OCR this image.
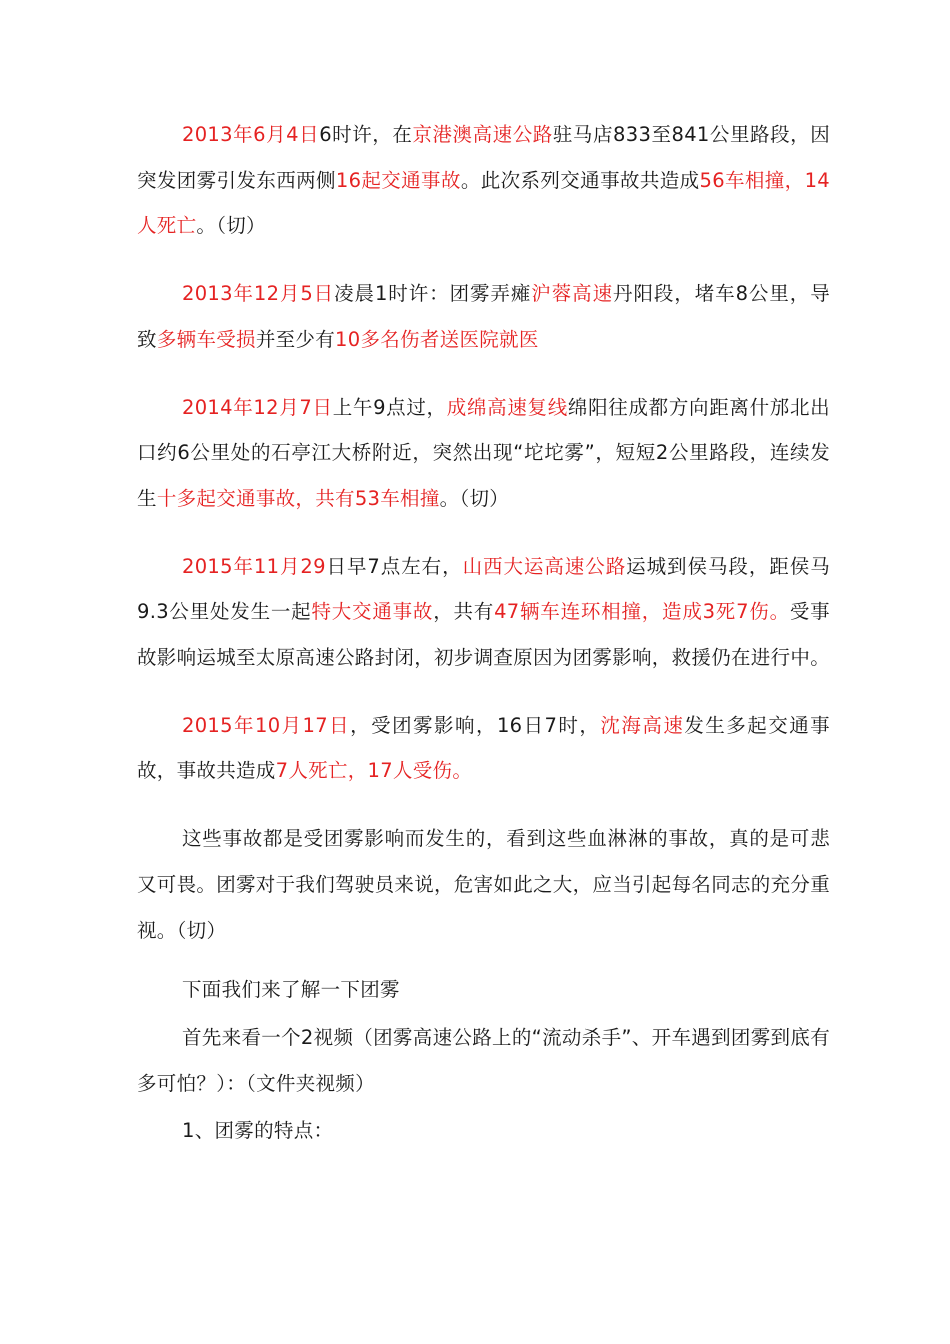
2013年6月4日6时许，在京港澳高速公路驻马店833至841公里路段，因突发团雾引发东西两侧16起交通事故。此次系列交通事故共造成56车相撞，14人死亡。（切）

2013年12月5日凌晨1时许：团雾弄瘫沪蓉高速丹阳段，堵车8公里，导致多辆车受损并至少有10多名伤者送医院就医

2014年12月7日上午9点过，成绵高速复线绵阳往成都方向距离什邡北出口约6公里处的石亭江大桥附近，突然出现“坨坨雾”，短短2公里路段，连续发生十多起交通事故，共有53车相撞。（切）

2015年11月29日早7点左右，山西大运高速公路运城到侯马段，距侯马9.3公里处发生一起特大交通事故，共有47辆车连环相撞，造成3死7伤。受事故影响运城至太原高速公路封闭，初步调查原因为团雾影响，救援仍在进行中。

2015年10月17日，受团雾影响，16日7时，沈海高速发生多起交通事故，事故共造成7人死亡，17人受伤。

这些事故都是受团雾影响而发生的，看到这些血淋淋的事故，真的是可悲又可畏。团雾对于我们驾驶员来说，危害如此之大，应当引起每名同志的充分重视。（切）

下面我们来了解一下团雾

首先来看一个2视频（团雾高速公路上的“流动杀手”、开车遇到团雾到底有多可怕？）：（文件夹视频）

1、团雾的特点：
